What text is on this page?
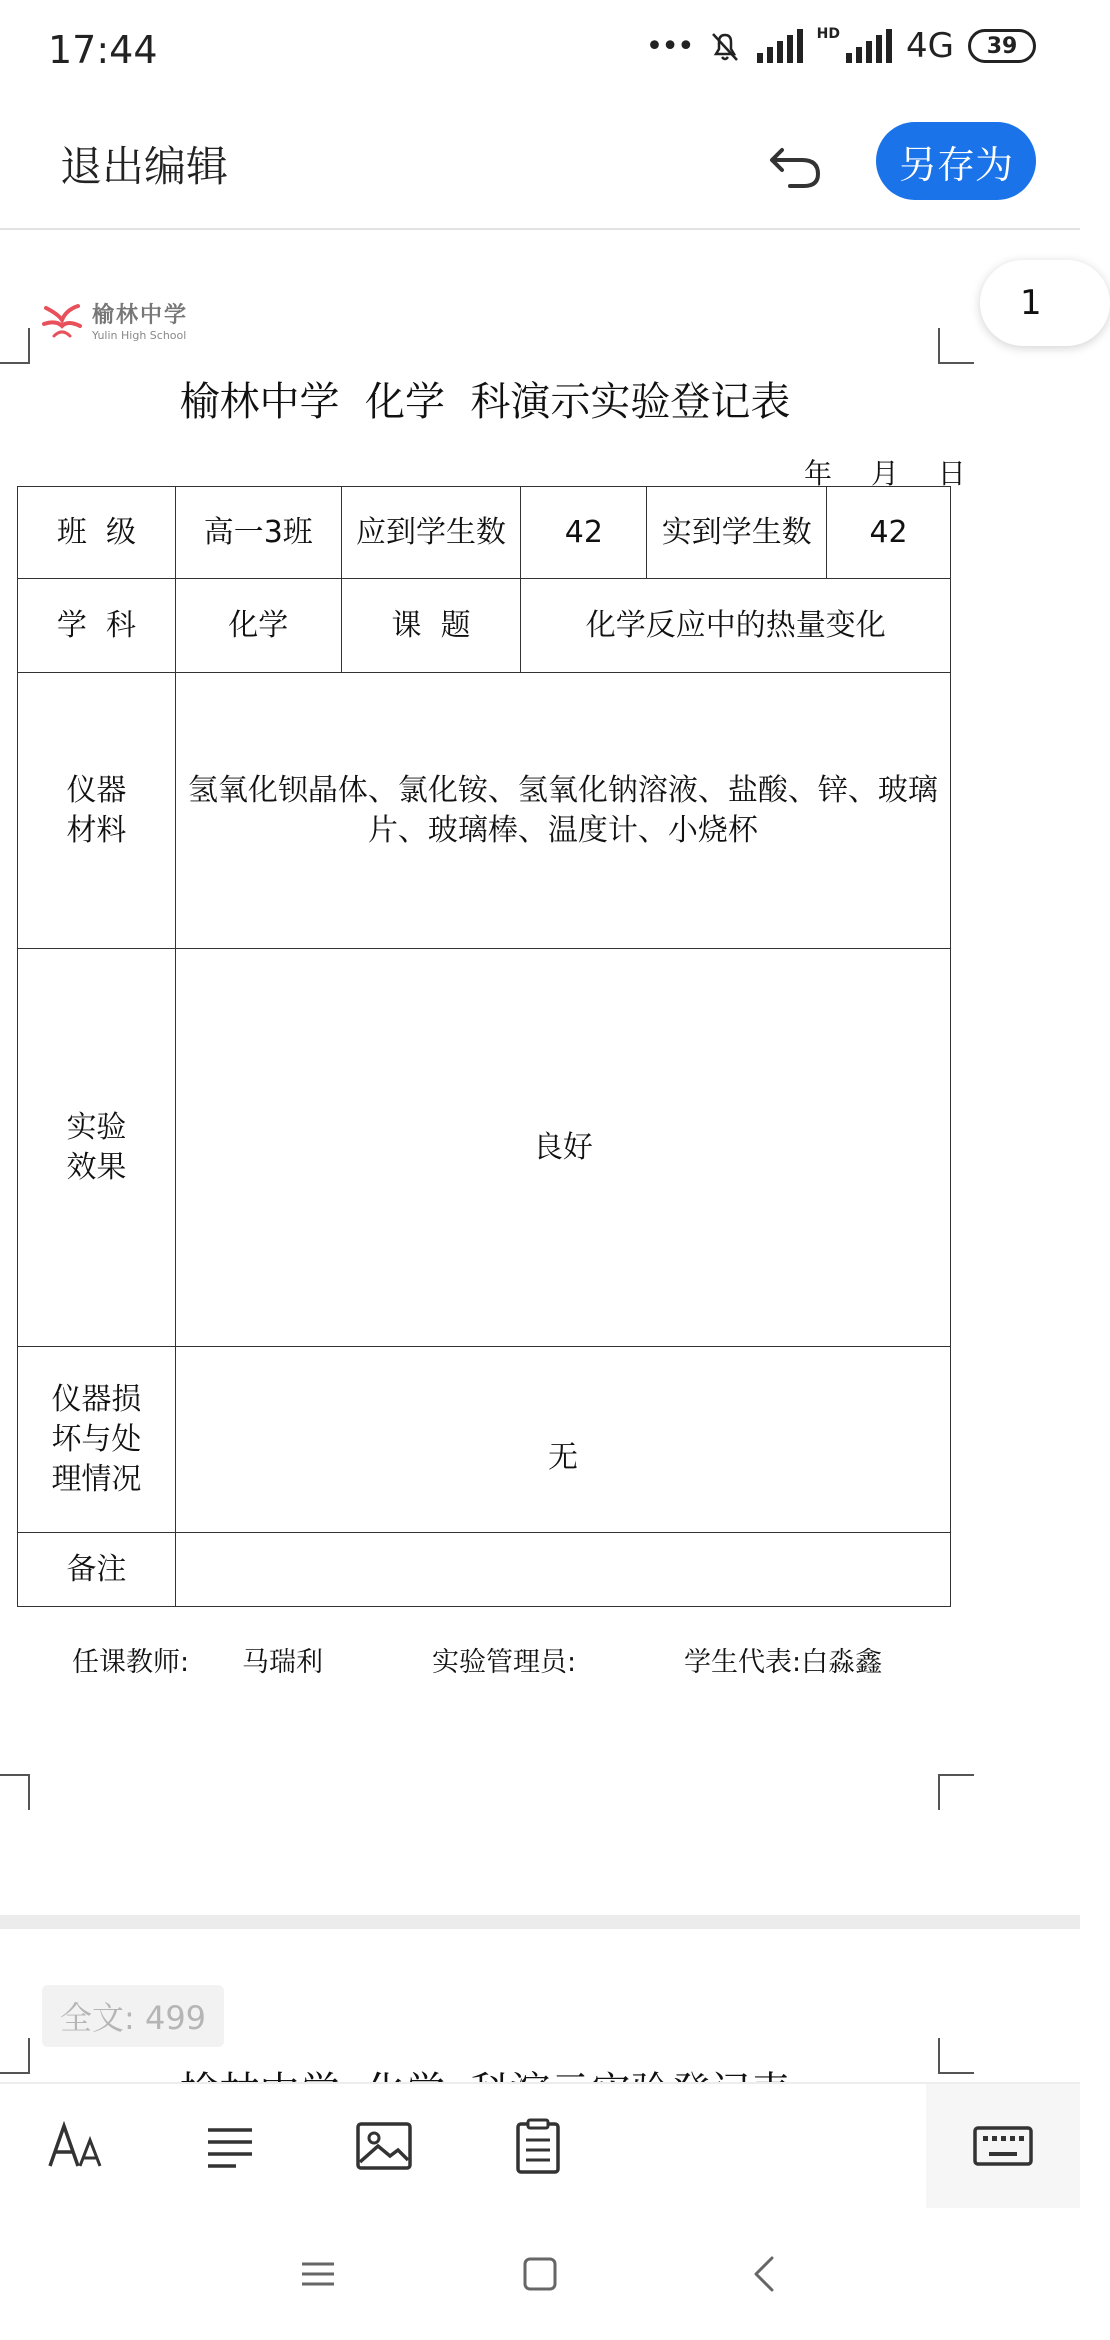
17:44	•••	HD 4G 39
退出编辑	另存为
榆林中学
Yulin High School
榆林中学  化学  科演示实验登记表
年 月 日
班  级	高一3班	应到学生数	42	实到学生数	42
学  科	化学	课  题	化学反应中的热量变化		

仪器
材料	氢氧化钡晶体、氯化铵、氢氧化钠溶液、盐酸、锌、玻璃片、玻璃棒、温度计、小烧杯				

实验
效果	良好				

仪器损
坏与处
理情况	无				
备注					
任课教师:	马瑞利	实验管理员:	学生代表: 白淼鑫
1
全文: 499
